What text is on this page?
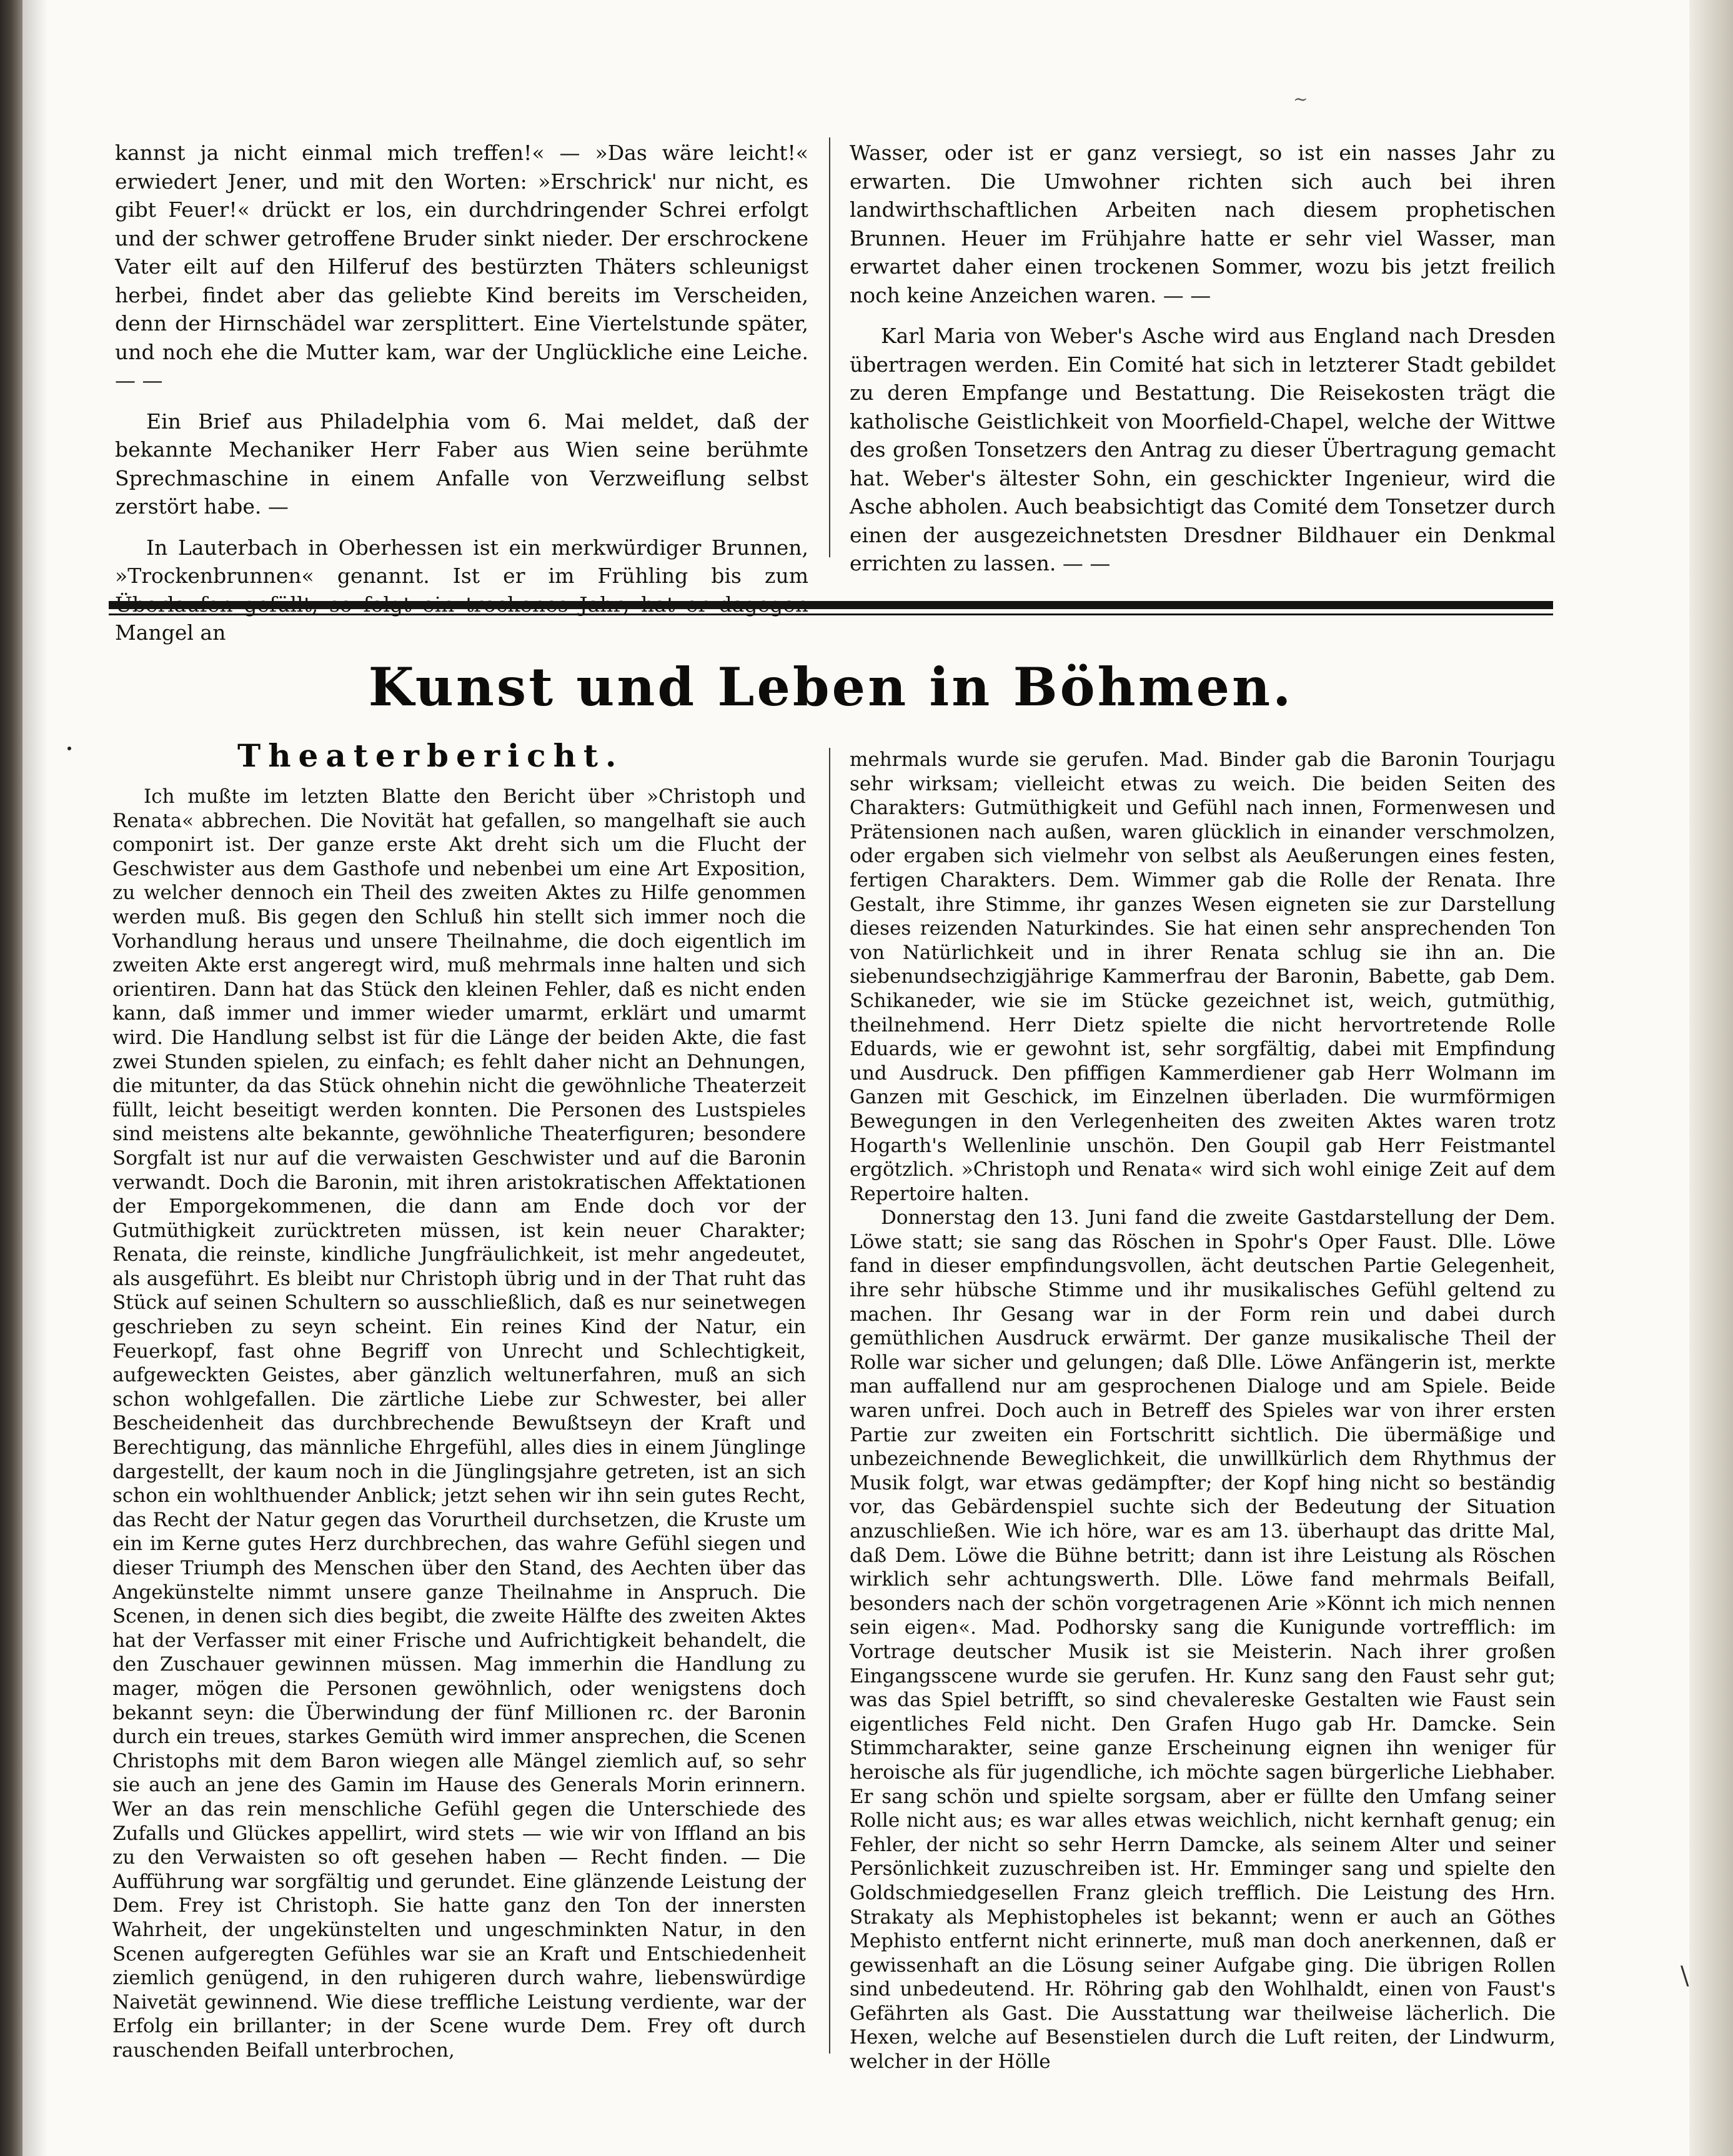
~
\

kannst ja nicht einmal mich treffen!« — »Das wäre leicht!« erwiedert Jener, und mit den Worten: »Erschrick' nur nicht, es gibt Feuer!« drückt er los, ein durchdringender Schrei erfolgt und der schwer getroffene Bruder sinkt nieder. Der erschrockene Vater eilt auf den Hilferuf des bestürzten Thäters schleunigst herbei, findet aber das geliebte Kind bereits im Verscheiden, denn der Hirnschädel war zersplittert. Eine Viertelstunde später, und noch ehe die Mutter kam, war der Unglückliche eine Leiche. — —

Ein Brief aus Philadelphia vom 6. Mai meldet, daß der bekannte Mechaniker Herr Faber aus Wien seine berühmte Sprechmaschine in einem Anfalle von Verzweiflung selbst zerstört habe. —

In Lauterbach in Oberhessen ist ein merkwürdiger Brunnen, »Trockenbrunnen« genannt. Ist er im Frühling bis zum Mangel an

Wasser, oder ist er ganz versiegt, so ist ein nasses Jahr zu erwarten. Die Umwohner richten sich auch bei ihren landwirthschaftlichen Arbeiten nach diesem prophetischen Brunnen. Heuer im Frühjahre hatte er sehr viel Wasser, man erwartet daher einen trockenen Sommer, wozu bis jetzt freilich noch keine Anzeichen waren. — —

Karl Maria von Weber's Asche wird aus England nach Dresden übertragen werden. Ein Comité hat sich in letzterer Stadt gebildet zu deren Empfange und Bestattung. Die Reisekosten trägt die katholische Geistlichkeit von Moorfield-Chapel, welche der Wittwe des großen Tonsetzers den Antrag zu dieser Übertragung gemacht hat. Weber's ältester Sohn, ein geschickter Ingenieur, wird die Asche abholen. Auch beabsichtigt das Comité dem Tonsetzer durch einen der ausgezeichnetsten Dresdner Bildhauer ein Denkmal errichten zu lassen. — —

Kunst und Leben in Böhmen.
Theaterbericht.

Ich mußte im letzten Blatte den Bericht über »Christoph und Renata« abbrechen. Die Novität hat gefallen, so mangelhaft sie auch componirt ist. Der ganze erste Akt dreht sich um die Flucht der Geschwister aus dem Gasthofe und nebenbei um eine Art Exposition, zu welcher dennoch ein Theil des zweiten Aktes zu Hilfe genommen werden muß. Bis gegen den Schluß hin stellt sich immer noch die Vorhandlung heraus und unsere Theilnahme, die doch eigentlich im zweiten Akte erst angeregt wird, muß mehrmals inne halten und sich orientiren. Dann hat das Stück den kleinen Fehler, daß es nicht enden kann, daß immer und immer wieder umarmt, erklärt und umarmt wird. Die Handlung selbst ist für die Länge der beiden Akte, die fast zwei Stunden spielen, zu einfach; es fehlt daher nicht an Dehnungen, die mitunter, da das Stück ohnehin nicht die gewöhnliche Theaterzeit füllt, leicht beseitigt werden konnten. Die Personen des Lustspieles sind meistens alte bekannte, gewöhnliche Theaterfiguren; besondere Sorgfalt ist nur auf die verwaisten Geschwister und auf die Baronin verwandt. Doch die Baronin, mit ihren aristokratischen Affektationen der Emporgekommenen, die dann am Ende doch vor der Gutmüthigkeit zurücktreten müssen, ist kein neuer Charakter; Renata, die reinste, kindliche Jungfräulichkeit, ist mehr angedeutet, als ausgeführt. Es bleibt nur Christoph übrig und in der That ruht das Stück auf seinen Schultern so ausschließlich, daß es nur seinetwegen geschrieben zu seyn scheint. Ein reines Kind der Natur, ein Feuerkopf, fast ohne Begriff von Unrecht und Schlechtigkeit, aufgeweckten Geistes, aber gänzlich weltunerfahren, muß an sich schon wohlgefallen. Die zärtliche Liebe zur Schwester, bei aller Bescheidenheit das durchbrechende Bewußtseyn der Kraft und Berechtigung, das männliche Ehrgefühl, alles dies in einem Jünglinge dargestellt, der kaum noch in die Jünglingsjahre getreten, ist an sich schon ein wohlthuender Anblick; jetzt sehen wir ihn sein gutes Recht, das Recht der Natur gegen das Vorurtheil durchsetzen, die Kruste um ein im Kerne gutes Herz durchbrechen, das wahre Gefühl siegen und dieser Triumph des Menschen über den Stand, des Aechten über das Angekünstelte nimmt unsere ganze Theilnahme in Anspruch. Die Scenen, in denen sich dies begibt, die zweite Hälfte des zweiten Aktes hat der Verfasser mit einer Frische und Aufrichtigkeit behandelt, die den Zuschauer gewinnen müssen. Mag immerhin die Handlung zu mager, mögen die Personen gewöhnlich, oder wenigstens doch bekannt seyn: die Überwindung der fünf Millionen rc. der Baronin durch ein treues, starkes Gemüth wird immer ansprechen, die Scenen Christophs mit dem Baron wiegen alle Mängel ziemlich auf, so sehr sie auch an jene des Gamin im Hause des Generals Morin erinnern. Wer an das rein menschliche Gefühl gegen die Unterschiede des Zufalls und Glückes appellirt, wird stets — wie wir von Iffland an bis zu den Verwaisten so oft gesehen haben — Recht finden. — Die Aufführung war sorgfältig und gerundet. Eine glänzende Leistung der Dem. Frey ist Christoph. Sie hatte ganz den Ton der innersten Wahrheit, der ungekünstelten und ungeschminkten Natur, in den Scenen aufgeregten Gefühles war sie an Kraft und Entschiedenheit ziemlich genügend, in den ruhigeren durch wahre, liebenswürdige Naivetät gewinnend. Wie diese treffliche Leistung verdiente, war der Erfolg ein brillanter; in der Scene wurde Dem. Frey oft durch rauschenden Beifall unterbrochen,

mehrmals wurde sie gerufen. Mad. Binder gab die Baronin Tourjagu sehr wirksam; vielleicht etwas zu weich. Die beiden Seiten des Charakters: Gutmüthigkeit und Gefühl nach innen, Formenwesen und Prätensionen nach außen, waren glücklich in einander verschmolzen, oder ergaben sich vielmehr von selbst als Aeußerungen eines festen, fertigen Charakters. Dem. Wimmer gab die Rolle der Renata. Ihre Gestalt, ihre Stimme, ihr ganzes Wesen eigneten sie zur Darstellung dieses reizenden Naturkindes. Sie hat einen sehr ansprechenden Ton von Natürlichkeit und in ihrer Renata schlug sie ihn an. Die siebenundsechzigjährige Kammerfrau der Baronin, Babette, gab Dem. Schikaneder, wie sie im Stücke gezeichnet ist, weich, gutmüthig, theilnehmend. Herr Dietz spielte die nicht hervortretende Rolle Eduards, wie er gewohnt ist, sehr sorgfältig, dabei mit Empfindung und Ausdruck. Den pfiffigen Kammerdiener gab Herr Wolmann im Ganzen mit Geschick, im Einzelnen überladen. Die wurmförmigen Bewegungen in den Verlegenheiten des zweiten Aktes waren trotz Hogarth's Wellenlinie unschön. Den Goupil gab Herr Feistmantel ergötzlich. »Christoph und Renata« wird sich wohl einige Zeit auf dem Repertoire halten.

Donnerstag den 13. Juni fand die zweite Gastdarstellung der Dem. Löwe statt; sie sang das Röschen in Spohr's Oper Faust. Dlle. Löwe fand in dieser empfindungsvollen, ächt deutschen Partie Gelegenheit, ihre sehr hübsche Stimme und ihr musikalisches Gefühl geltend zu machen. Ihr Gesang war in der Form rein und dabei durch gemüthlichen Ausdruck erwärmt. Der ganze musikalische Theil der Rolle war sicher und gelungen; daß Dlle. Löwe Anfängerin ist, merkte man auffallend nur am gesprochenen Dialoge und am Spiele. Beide waren unfrei. Doch auch in Betreff des Spieles war von ihrer ersten Partie zur zweiten ein Fortschritt sichtlich. Die übermäßige und unbezeichnende Beweglichkeit, die unwillkürlich dem Rhythmus der Musik folgt, war etwas gedämpfter; der Kopf hing nicht so beständig vor, das Gebärdenspiel suchte sich der Bedeutung der Situation anzuschließen. Wie ich höre, war es am 13. überhaupt das dritte Mal, daß Dem. Löwe die Bühne betritt; dann ist ihre Leistung als Röschen wirklich sehr achtungswerth. Dlle. Löwe fand mehrmals Beifall, besonders nach der schön vorgetragenen Arie »Könnt ich mich nennen sein eigen«. Mad. Podhorsky sang die Kunigunde vortrefflich: im Vortrage deutscher Musik ist sie Meisterin. Nach ihrer großen Eingangsscene wurde sie gerufen. Hr. Kunz sang den Faust sehr gut; was das Spiel betrifft, so sind chevalereske Gestalten wie Faust sein eigentliches Feld nicht. Den Grafen Hugo gab Hr. Damcke. Sein Stimmcharakter, seine ganze Erscheinung eignen ihn weniger für heroische als für jugendliche, ich möchte sagen bürgerliche Liebhaber. Er sang schön und spielte sorgsam, aber er füllte den Umfang seiner Rolle nicht aus; es war alles etwas weichlich, nicht kernhaft genug; ein Fehler, der nicht so sehr Herrn Damcke, als seinem Alter und seiner Persönlichkeit zuzuschreiben ist. Hr. Emminger sang und spielte den Goldschmiedgesellen Franz gleich trefflich. Die Leistung des Hrn. Strakaty als Mephistopheles ist bekannt; wenn er auch an Göthes Mephisto entfernt nicht erinnerte, muß man doch anerkennen, daß er gewissenhaft an die Lösung seiner Aufgabe ging. Die übrigen Rollen sind unbedeutend. Hr. Röhring gab den Wohlhaldt, einen von Faust's Gefährten als Gast. Die Ausstattung war theilweise lächerlich. Die Hexen, welche auf Besenstielen durch die Luft reiten, der Lindwurm, welcher in der Hölle
